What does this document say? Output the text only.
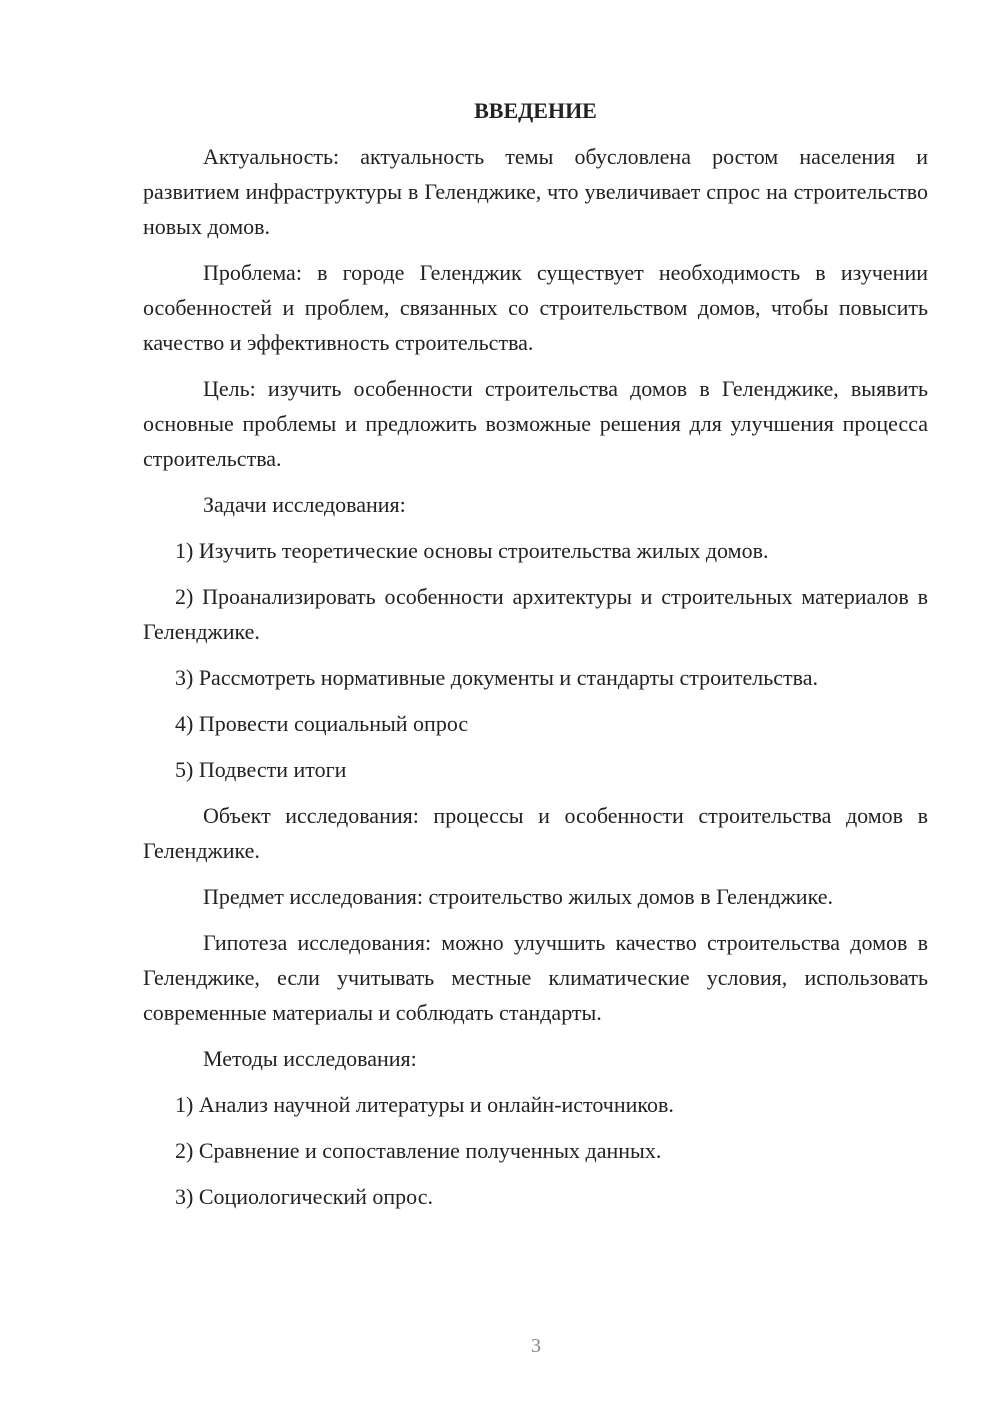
ВВЕДЕНИЕ

Актуальность: актуальность темы обусловлена ростом населения и развитием инфраструктуры в Геленджике, что увеличивает спрос на строительство новых домов.

Проблема: в городе Геленджик существует необходимость в изучении особенностей и проблем, связанных со строительством домов, чтобы повысить качество и эффективность строительства.

Цель: изучить особенности строительства домов в Геленджике, выявить основные проблемы и предложить возможные решения для улучшения процесса строительства.

Задачи исследования:

1) Изучить теоретические основы строительства жилых домов.

2) Проанализировать особенности архитектуры и строительных материалов в Геленджике.

3) Рассмотреть нормативные документы и стандарты строительства.

4) Провести социальный опрос

5) Подвести итоги

Объект исследования: процессы и особенности строительства домов в Геленджике.

Предмет исследования: строительство жилых домов в Геленджике.

Гипотеза исследования: можно улучшить качество строительства домов в Геленджике, если учитывать местные климатические условия, использовать современные материалы и соблюдать стандарты.

Методы исследования:

1) Анализ научной литературы и онлайн-источников.

2) Сравнение и сопоставление полученных данных.

3) Социологический опрос.

3
